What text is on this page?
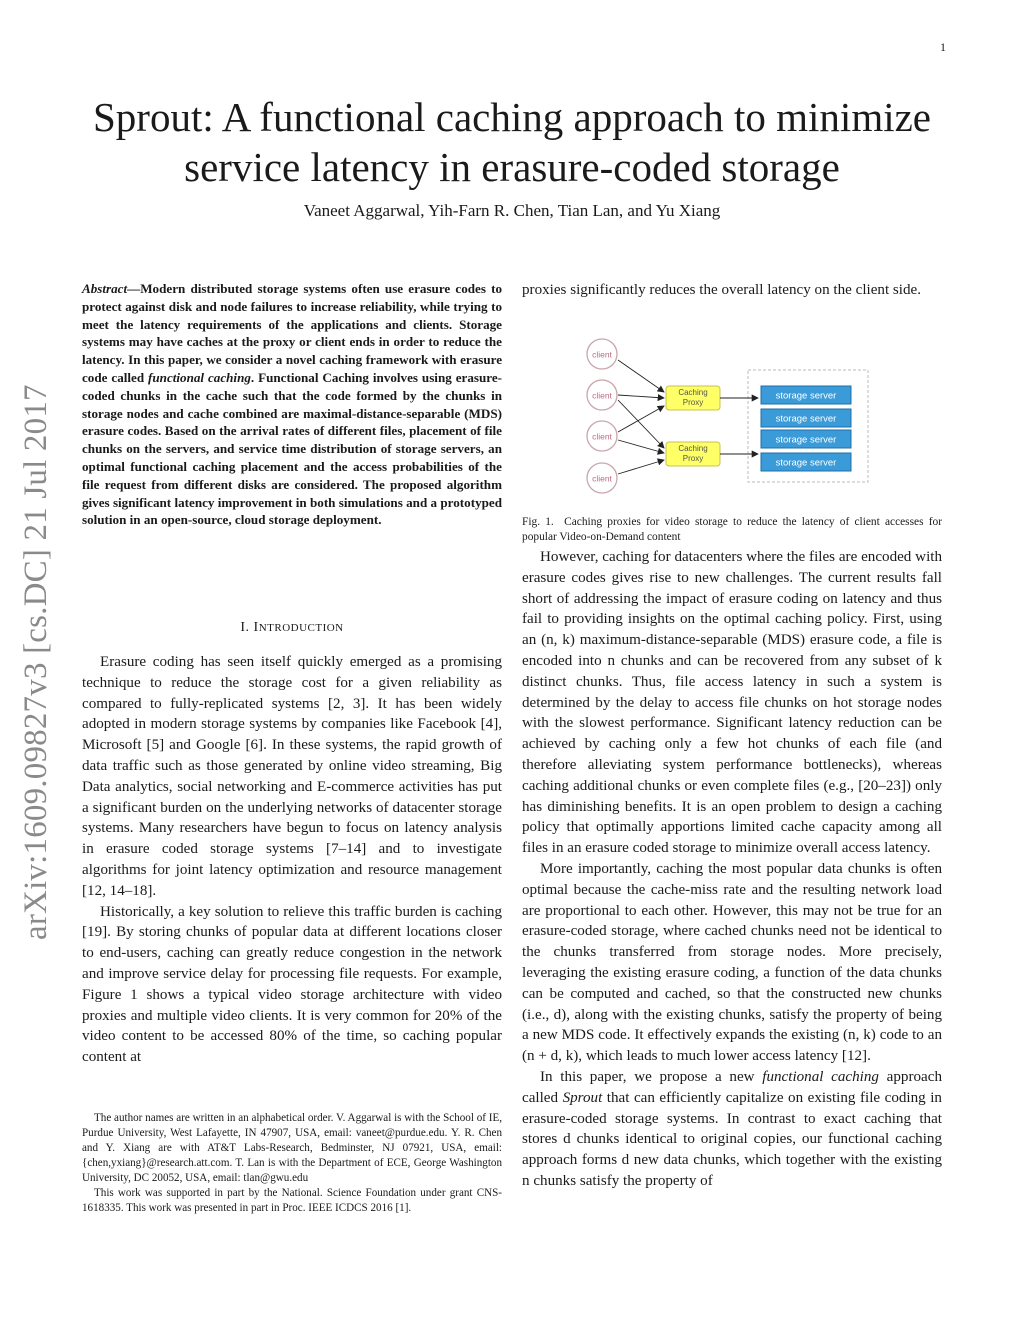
1
arXiv:1609.09827v3 [cs.DC] 21 Jul 2017
Sprout: A functional caching approach to minimize service latency in erasure-coded storage
Vaneet Aggarwal, Yih-Farn R. Chen, Tian Lan, and Yu Xiang
Abstract—Modern distributed storage systems often use erasure codes to protect against disk and node failures to increase reliability, while trying to meet the latency requirements of the applications and clients. Storage systems may have caches at the proxy or client ends in order to reduce the latency. In this paper, we consider a novel caching framework with erasure code called functional caching. Functional Caching involves using erasure-coded chunks in the cache such that the code formed by the chunks in storage nodes and cache combined are maximal-distance-separable (MDS) erasure codes. Based on the arrival rates of different files, placement of file chunks on the servers, and service time distribution of storage servers, an optimal functional caching placement and the access probabilities of the file request from different disks are considered. The proposed algorithm gives significant latency improvement in both simulations and a prototyped solution in an open-source, cloud storage deployment.
I. INTRODUCTION

Erasure coding has seen itself quickly emerged as a promising technique to reduce the storage cost for a given reliability as compared to fully-replicated systems [2, 3]. It has been widely adopted in modern storage systems by companies like Facebook [4], Microsoft [5] and Google [6]. In these systems, the rapid growth of data traffic such as those generated by online video streaming, Big Data analytics, social networking and E-commerce activities has put a significant burden on the underlying networks of datacenter storage systems. Many researchers have begun to focus on latency analysis in erasure coded storage systems [7–14] and to investigate algorithms for joint latency optimization and resource management [12, 14–18].

Historically, a key solution to relieve this traffic burden is caching [19]. By storing chunks of popular data at different locations closer to end-users, caching can greatly reduce congestion in the network and improve service delay for processing file requests. For example, Figure 1 shows a typical video storage architecture with video proxies and multiple video clients. It is very common for 20% of the video content to be accessed 80% of the time, so caching popular content at

The author names are written in an alphabetical order. V. Aggarwal is with the School of IE, Purdue University, West Lafayette, IN 47907, USA, email: vaneet@purdue.edu. Y. R. Chen and Y. Xiang are with AT&T Labs-Research, Bedminster, NJ 07921, USA, email: {chen,yxiang}@research.att.com. T. Lan is with the Department of ECE, George Washington University, DC 20052, USA, email: tlan@gwu.edu

This work was supported in part by the National. Science Foundation under grant CNS-1618335. This work was presented in part in Proc. IEEE ICDCS 2016 [1].

proxies significantly reduces the overall latency on the client side.

client
client
client
client
Caching
Proxy
Caching
Proxy
storage server
storage server
storage server
storage server
Fig. 1. Caching proxies for video storage to reduce the latency of client accesses for popular Video-on-Demand content

However, caching for datacenters where the files are encoded with erasure codes gives rise to new challenges. The current results fall short of addressing the impact of erasure coding on latency and thus fail to providing insights on the optimal caching policy. First, using an (n, k) maximum-distance-separable (MDS) erasure code, a file is encoded into n chunks and can be recovered from any subset of k distinct chunks. Thus, file access latency in such a system is determined by the delay to access file chunks on hot storage nodes with the slowest performance. Significant latency reduction can be achieved by caching only a few hot chunks of each file (and therefore alleviating system performance bottlenecks), whereas caching additional chunks or even complete files (e.g., [20–23]) only has diminishing benefits. It is an open problem to design a caching policy that optimally apportions limited cache capacity among all files in an erasure coded storage to minimize overall access latency.

More importantly, caching the most popular data chunks is often optimal because the cache-miss rate and the resulting network load are proportional to each other. However, this may not be true for an erasure-coded storage, where cached chunks need not be identical to the chunks transferred from storage nodes. More precisely, leveraging the existing erasure coding, a function of the data chunks can be computed and cached, so that the constructed new chunks (i.e., d), along with the existing chunks, satisfy the property of being a new MDS code. It effectively expands the existing (n, k) code to an (n + d, k), which leads to much lower access latency [12].

In this paper, we propose a new functional caching approach called Sprout that can efficiently capitalize on existing file coding in erasure-coded storage systems. In contrast to exact caching that stores d chunks identical to original copies, our functional caching approach forms d new data chunks, which together with the existing n chunks satisfy the property of
